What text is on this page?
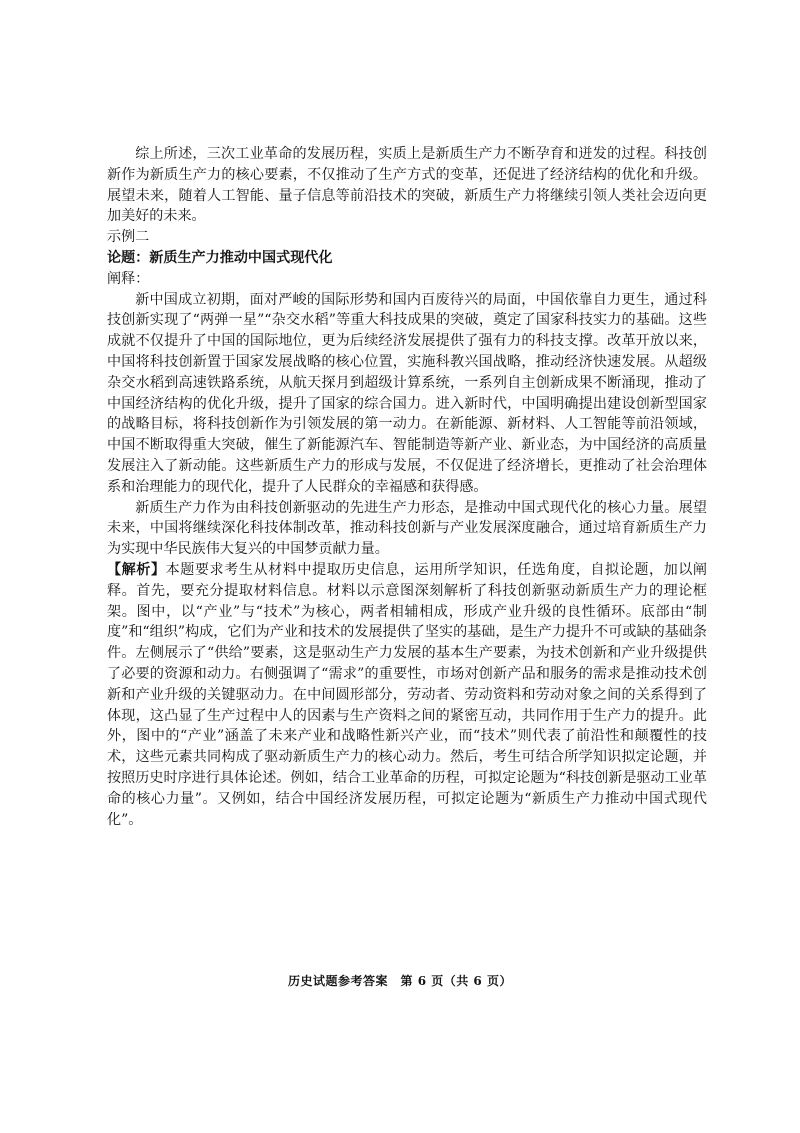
综上所述，三次工业革命的发展历程，实质上是新质生产力不断孕育和迸发的过程。科技创新作为新质生产力的核心要素，不仅推动了生产方式的变革，还促进了经济结构的优化和升级。展望未来，随着人工智能、量子信息等前沿技术的突破，新质生产力将继续引领人类社会迈向更加美好的未来。

示例二

论题：新质生产力推动中国式现代化

阐释：

新中国成立初期，面对严峻的国际形势和国内百废待兴的局面，中国依靠自力更生，通过科技创新实现了“两弹一星”“杂交水稻”等重大科技成果的突破，奠定了国家科技实力的基础。这些成就不仅提升了中国的国际地位，更为后续经济发展提供了强有力的科技支撑。改革开放以来，中国将科技创新置于国家发展战略的核心位置，实施科教兴国战略，推动经济快速发展。从超级杂交水稻到高速铁路系统，从航天探月到超级计算系统，一系列自主创新成果不断涌现，推动了中国经济结构的优化升级，提升了国家的综合国力。进入新时代，中国明确提出建设创新型国家的战略目标，将科技创新作为引领发展的第一动力。在新能源、新材料、人工智能等前沿领域，中国不断取得重大突破，催生了新能源汽车、智能制造等新产业、新业态，为中国经济的高质量发展注入了新动能。这些新质生产力的形成与发展，不仅促进了经济增长，更推动了社会治理体系和治理能力的现代化，提升了人民群众的幸福感和获得感。

新质生产力作为由科技创新驱动的先进生产力形态，是推动中国式现代化的核心力量。展望未来，中国将继续深化科技体制改革，推动科技创新与产业发展深度融合，通过培育新质生产力为实现中华民族伟大复兴的中国梦贡献力量。

【解析】本题要求考生从材料中提取历史信息，运用所学知识，任选角度，自拟论题，加以阐释。首先，要充分提取材料信息。材料以示意图深刻解析了科技创新驱动新质生产力的理论框架。图中，以“产业”与“技术”为核心，两者相辅相成，形成产业升级的良性循环。底部由“制度”和“组织”构成，它们为产业和技术的发展提供了坚实的基础，是生产力提升不可或缺的基础条件。左侧展示了“供给”要素，这是驱动生产力发展的基本生产要素，为技术创新和产业升级提供了必要的资源和动力。右侧强调了“需求”的重要性，市场对创新产品和服务的需求是推动技术创新和产业升级的关键驱动力。在中间圆形部分，劳动者、劳动资料和劳动对象之间的关系得到了体现，这凸显了生产过程中人的因素与生产资料之间的紧密互动，共同作用于生产力的提升。此外，图中的“产业”涵盖了未来产业和战略性新兴产业，而“技术”则代表了前沿性和颠覆性的技术，这些元素共同构成了驱动新质生产力的核心动力。然后，考生可结合所学知识拟定论题，并按照历史时序进行具体论述。例如，结合工业革命的历程，可拟定论题为“科技创新是驱动工业革命的核心力量”。又例如，结合中国经济发展历程，可拟定论题为“新质生产力推动中国式现代化”。

历史试题参考答案　第 6 页（共 6 页）
